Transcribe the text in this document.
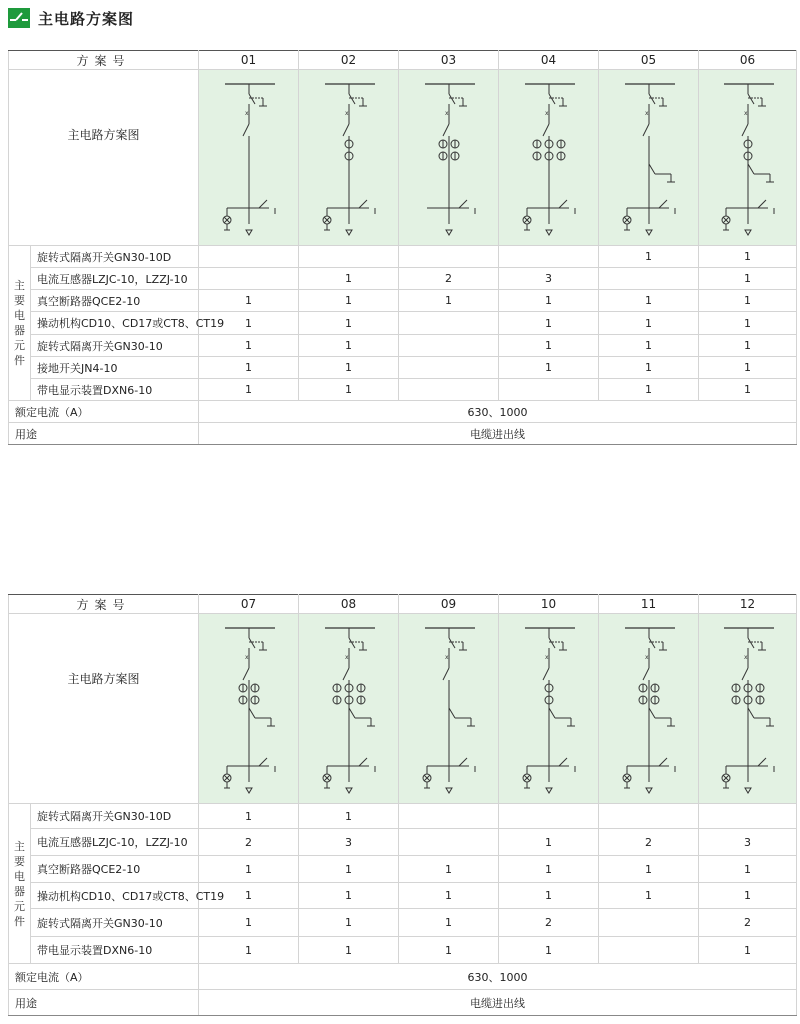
主电路方案图
方案号		01	02	03	04	05	06
主电路方案图		x	x	x	x	x	x

主要电器元件	旋转式隔离开关GN30-10D					1	1
	电流互感器LZJC-10，LZZJ-10		1	2	3		1
	真空断路器QCE2-10	1	1	1	1	1	1
	操动机构CD10、CD17或CT8、CT19	1	1		1	1	1
	旋转式隔离开关GN30-10	1	1		1	1	1
	接地开关JN4-10	1	1		1	1	1
	带电显示装置DXN6-10	1	1			1	1
额定电流（A）		630、1000					
用途		电缆进出线					
方案号		07	08	09	10	11	12
主电路方案图		x	x	x	x	x	x

主要电器元件	旋转式隔离开关GN30-10D	1	1				
	电流互感器LZJC-10，LZZJ-10	2	3		1	2	3
	真空断路器QCE2-10	1	1	1	1	1	1
	操动机构CD10、CD17或CT8、CT19	1	1	1	1	1	1
	旋转式隔离开关GN30-10	1	1	1	2		2
	带电显示装置DXN6-10	1	1	1	1		1
额定电流（A）		630、1000					
用途		电缆进出线					
